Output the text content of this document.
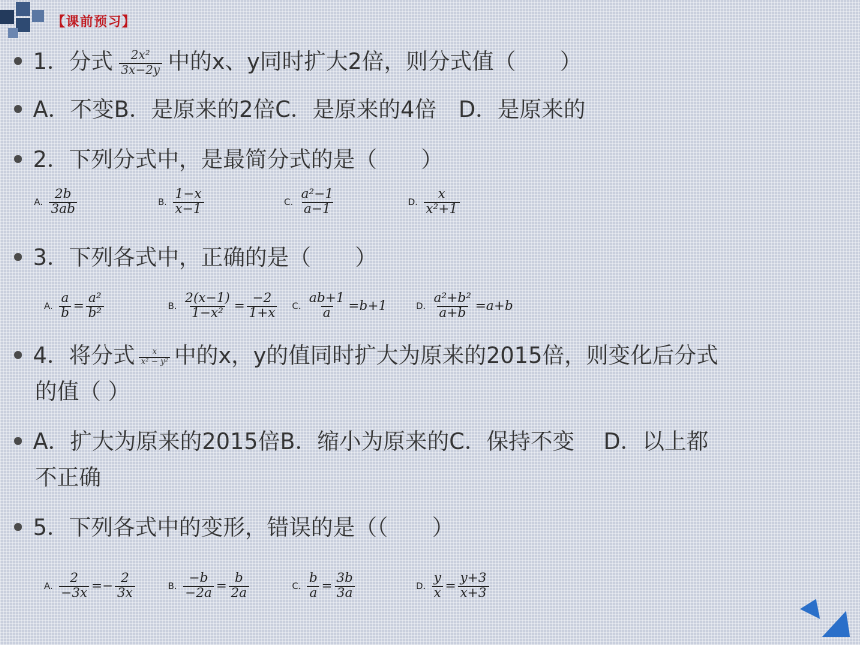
【课前预习】
1．分式 $\frac{\text{2x²}}{3x-2y}$ 中的x、y同时扩大2倍，则分式值（　　）
A．不变B．是原来的2倍C．是原来的4倍　D．是原来的
2．下列分式中，是最简分式的是（　　）
A. $\frac{2b}{3ab}$	B. $\frac{1-x}{x-1}$	C. $\frac{\text{a²−1}}{a-1}$	D. $\frac{x}{\text{x²+1}}$
3．下列各式中，正确的是（　　）
A. $\frac{a}{b} = \frac{\text{a²}}{\text{b²}}$	B. $\frac{2(x-1)}{\text{1−x²}} = \frac{-2}{1+x} C$. $\frac{ab+1}{a} =b+1$	D. $\frac{\text{a²+b²}}{a+b} =a+b$
4．将分式 $\frac{x}{\text{x² − y²}}$ 中的x，y的值同时扩大为原来的2015倍，则变化后分式
的值（ ）
A．扩大为原来的2015倍B．缩小为原来的C．保持不变　 D．以上都
不正确
5．下列各式中的变形，错误的是（（　　）
A. $\frac{2}{-3x} =- \frac{2}{3x}$	B. $\frac{-b}{-2a} = \frac{b}{2a}$	C. $\frac{b}{a} = \frac{3b}{3a}$	D. $\frac{y}{x} = \frac{y+3}{x+3}$
